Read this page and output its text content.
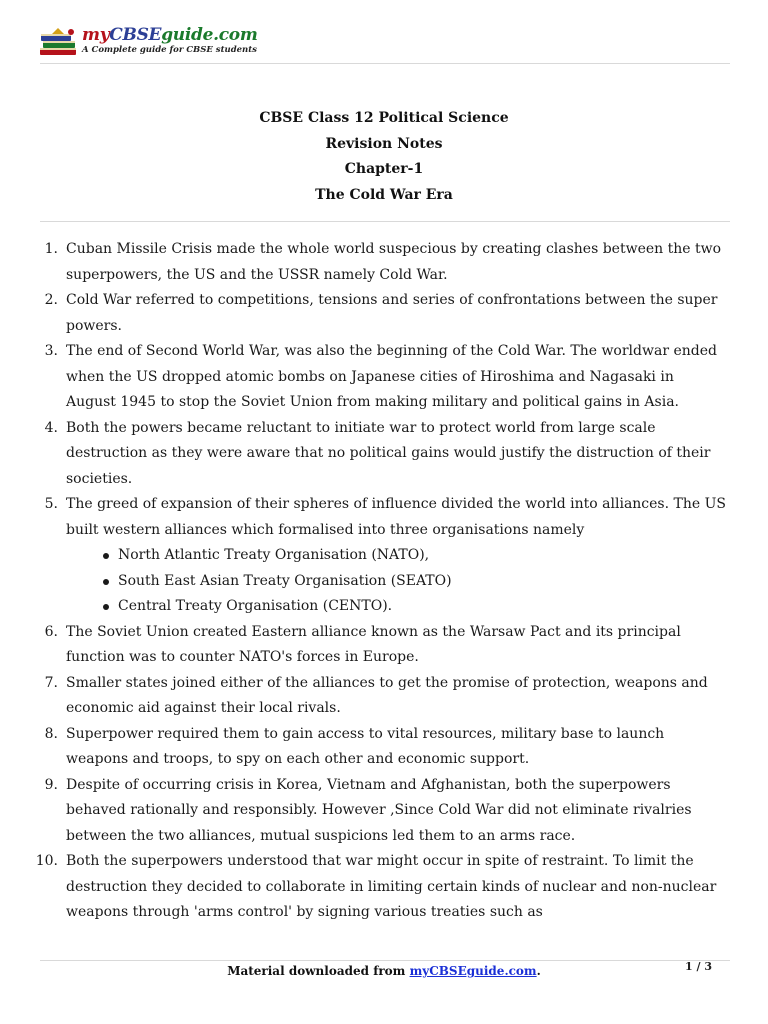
myCBSEguide.com
A Complete guide for CBSE students
CBSE Class 12 Political Science
Revision Notes
Chapter-1
The Cold War Era
1. Cuban Missile Crisis made the whole world suspecious by creating clashes between the two superpowers, the US and the USSR namely Cold War.
2. Cold War referred to competitions, tensions and series of confrontations between the super powers.
3. The end of Second World War, was also the beginning of the Cold War. The worldwar ended when the US dropped atomic bombs on Japanese cities of Hiroshima and Nagasaki in August 1945 to stop the Soviet Union from making military and political gains in Asia.
4. Both the powers became reluctant to initiate war to protect world from large scale destruction as they were aware that no political gains would justify the distruction of their societies.
5. The greed of expansion of their spheres of influence divided the world into alliances. The US built western alliances which formalised into three organisations namely
North Atlantic Treaty Organisation (NATO),
South East Asian Treaty Organisation (SEATO)
Central Treaty Organisation (CENTO).
6. The Soviet Union created Eastern alliance known as the Warsaw Pact and its principal function was to counter NATO's forces in Europe.
7. Smaller states joined either of the alliances to get the promise of protection, weapons and economic aid against their local rivals.
8. Superpower required them to gain access to vital resources, military base to launch weapons and troops, to spy on each other and economic support.
9. Despite of occurring crisis in Korea, Vietnam and Afghanistan, both the superpowers behaved rationally and responsibly. However ,Since Cold War did not eliminate rivalries between the two alliances, mutual suspicions led them to an arms race.
10. Both the superpowers understood that war might occur in spite of restraint. To limit the destruction they decided to collaborate in limiting certain kinds of nuclear and non-nuclear weapons through 'arms control' by signing various treaties such as
Material downloaded from myCBSEguide.com.	1 / 3
